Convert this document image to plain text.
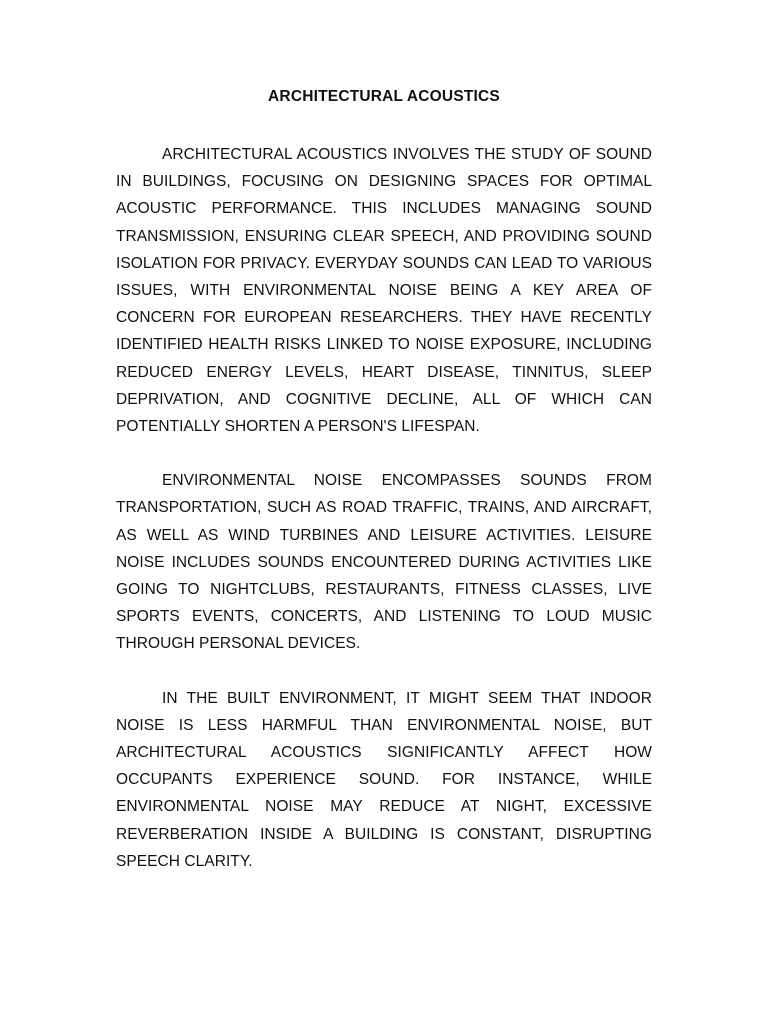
ARCHITECTURAL ACOUSTICS

ARCHITECTURAL ACOUSTICS INVOLVES THE STUDY OF SOUND IN BUILDINGS, FOCUSING ON DESIGNING SPACES FOR OPTIMAL ACOUSTIC PERFORMANCE. THIS INCLUDES MANAGING SOUND TRANSMISSION, ENSURING CLEAR SPEECH, AND PROVIDING SOUND ISOLATION FOR PRIVACY. EVERYDAY SOUNDS CAN LEAD TO VARIOUS ISSUES, WITH ENVIRONMENTAL NOISE BEING A KEY AREA OF CONCERN FOR EUROPEAN RESEARCHERS. THEY HAVE RECENTLY IDENTIFIED HEALTH RISKS LINKED TO NOISE EXPOSURE, INCLUDING REDUCED ENERGY LEVELS, HEART DISEASE, TINNITUS, SLEEP DEPRIVATION, AND COGNITIVE DECLINE, ALL OF WHICH CAN POTENTIALLY SHORTEN A PERSON'S LIFESPAN.

ENVIRONMENTAL NOISE ENCOMPASSES SOUNDS FROM TRANSPORTATION, SUCH AS ROAD TRAFFIC, TRAINS, AND AIRCRAFT, AS WELL AS WIND TURBINES AND LEISURE ACTIVITIES. LEISURE NOISE INCLUDES SOUNDS ENCOUNTERED DURING ACTIVITIES LIKE GOING TO NIGHTCLUBS, RESTAURANTS, FITNESS CLASSES, LIVE SPORTS EVENTS, CONCERTS, AND LISTENING TO LOUD MUSIC THROUGH PERSONAL DEVICES.

IN THE BUILT ENVIRONMENT, IT MIGHT SEEM THAT INDOOR NOISE IS LESS HARMFUL THAN ENVIRONMENTAL NOISE, BUT ARCHITECTURAL ACOUSTICS SIGNIFICANTLY AFFECT HOW OCCUPANTS EXPERIENCE SOUND. FOR INSTANCE, WHILE ENVIRONMENTAL NOISE MAY REDUCE AT NIGHT, EXCESSIVE REVERBERATION INSIDE A BUILDING IS CONSTANT, DISRUPTING SPEECH CLARITY.
